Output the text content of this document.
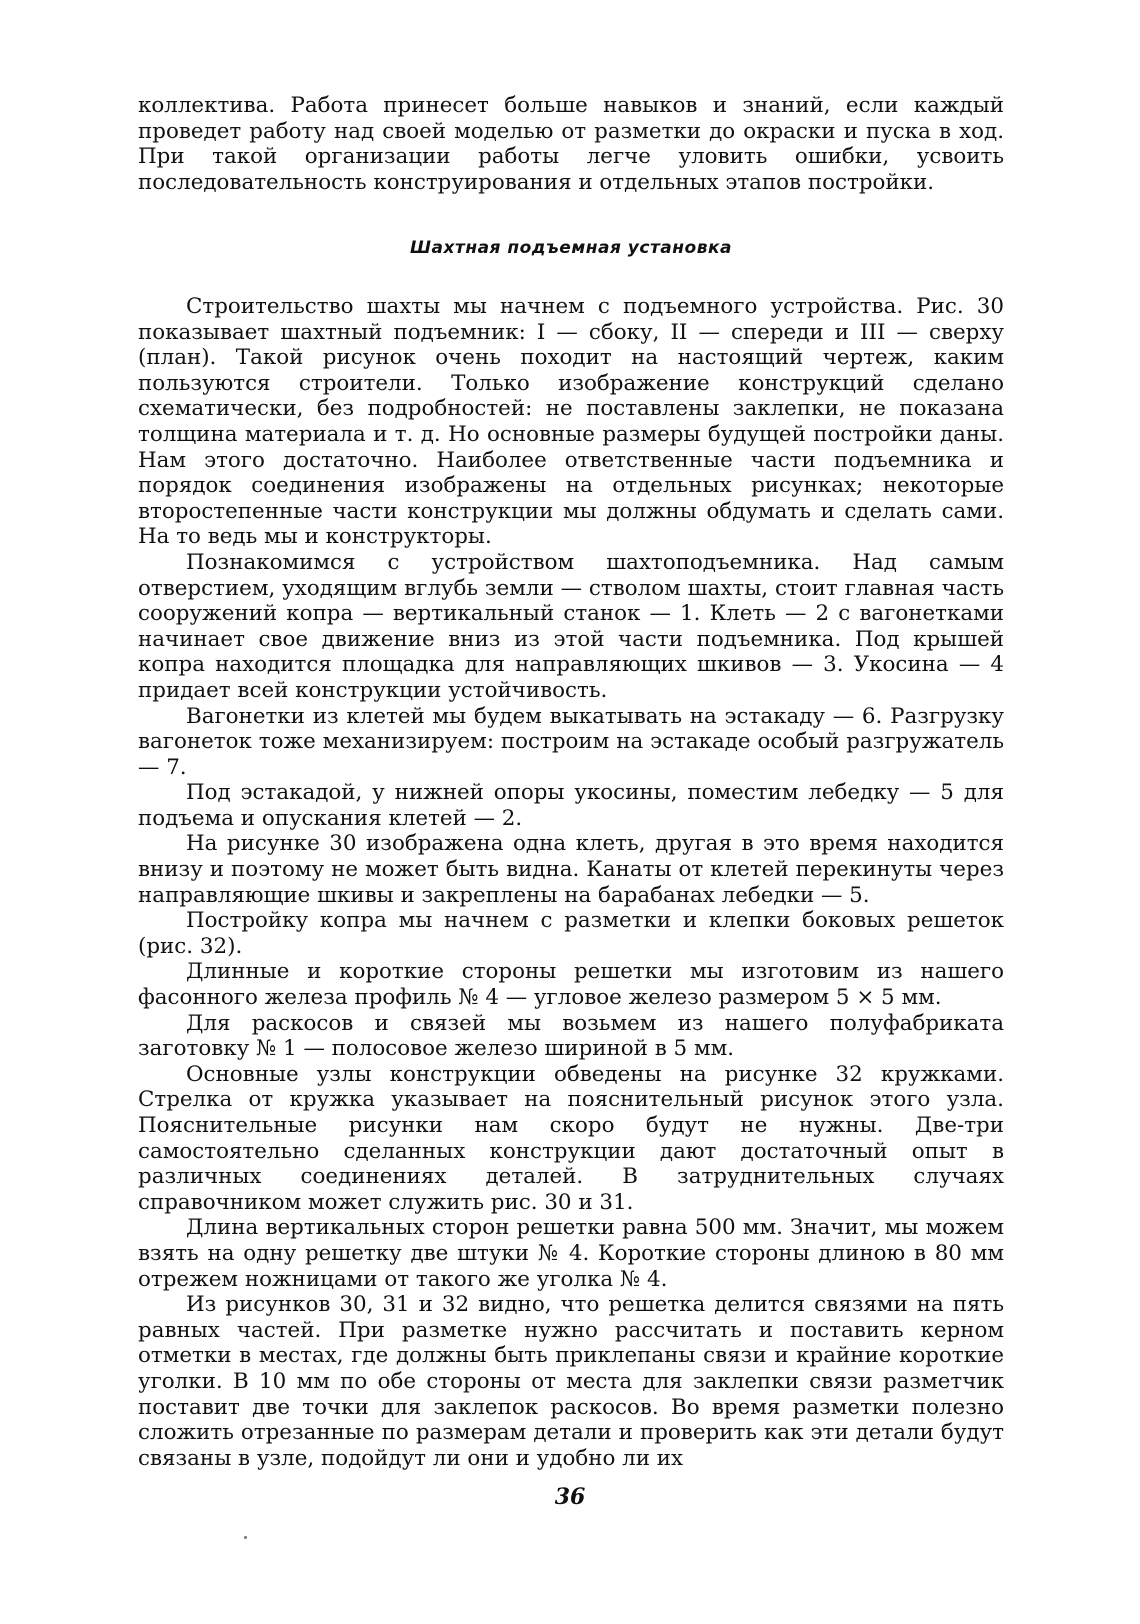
коллектива. Работа принесет больше навыков и знаний, если каждый проведет работу над своей моделью от разметки до окраски и пуска в ход. При такой организации работы легче уловить ошибки, усвоить последовательность конструирования и отдельных этапов постройки.

Шахтная подъемная установка

Строительство шахты мы начнем с подъемного устройства. Рис. 30 показывает шахтный подъемник: I — сбоку, II — спереди и III — сверху (план). Такой рисунок очень походит на настоящий чертеж, каким пользуются строители. Только изображение конструкций сделано схематически, без подробностей: не поставлены заклепки, не показана толщина материала и т. д. Но основные размеры будущей постройки даны. Нам этого достаточно. Наиболее ответственные части подъемника и порядок соединения изображены на отдельных рисунках; некоторые второстепенные части конструкции мы должны обдумать и сделать сами. На то ведь мы и конструкторы.

Познакомимся с устройством шахтоподъемника. Над самым отверстием, уходящим вглубь земли — стволом шахты, стоит главная часть сооружений копра — вертикальный станок — 1. Клеть — 2 с вагонетками начинает свое движение вниз из этой части подъемника. Под крышей копра находится площадка для направляющих шкивов — 3. Укосина — 4 придает всей конструкции устойчивость.

Вагонетки из клетей мы будем выкатывать на эстакаду — 6. Разгрузку вагонеток тоже механизируем: построим на эстакаде особый разгружатель — 7.

Под эстакадой, у нижней опоры укосины, поместим лебедку — 5 для подъема и опускания клетей — 2.

На рисунке 30 изображена одна клеть, другая в это время находится внизу и поэтому не может быть видна. Канаты от клетей перекинуты через направляющие шкивы и закреплены на барабанах лебедки — 5.

Постройку копра мы начнем с разметки и клепки боковых решеток (рис. 32).

Длинные и короткие стороны решетки мы изготовим из нашего фасонного железа профиль № 4 — угловое железо размером 5 × 5 мм.

Для раскосов и связей мы возьмем из нашего полуфабриката заготовку № 1 — полосовое железо шириной в 5 мм.

Основные узлы конструкции обведены на рисунке 32 кружками. Стрелка от кружка указывает на пояснительный рисунок этого узла. Пояснительные рисунки нам скоро будут не нужны. Две-три самостоятельно сделанных конструкции дают достаточный опыт в различных соединениях деталей. В затруднительных случаях справочником может служить рис. 30 и 31.

Длина вертикальных сторон решетки равна 500 мм. Значит, мы можем взять на одну решетку две штуки № 4. Короткие стороны длиною в 80 мм отрежем ножницами от такого же уголка № 4.

Из рисунков 30, 31 и 32 видно, что решетка делится связями на пять равных частей. При разметке нужно рассчитать и поставить керном отметки в местах, где должны быть приклепаны связи и крайние короткие уголки. В 10 мм по обе стороны от места для заклепки связи разметчик поставит две точки для заклепок раскосов. Во время разметки полезно сложить отрезанные по размерам детали и проверить как эти детали будут связаны в узле, подойдут ли они и удобно ли их

36
